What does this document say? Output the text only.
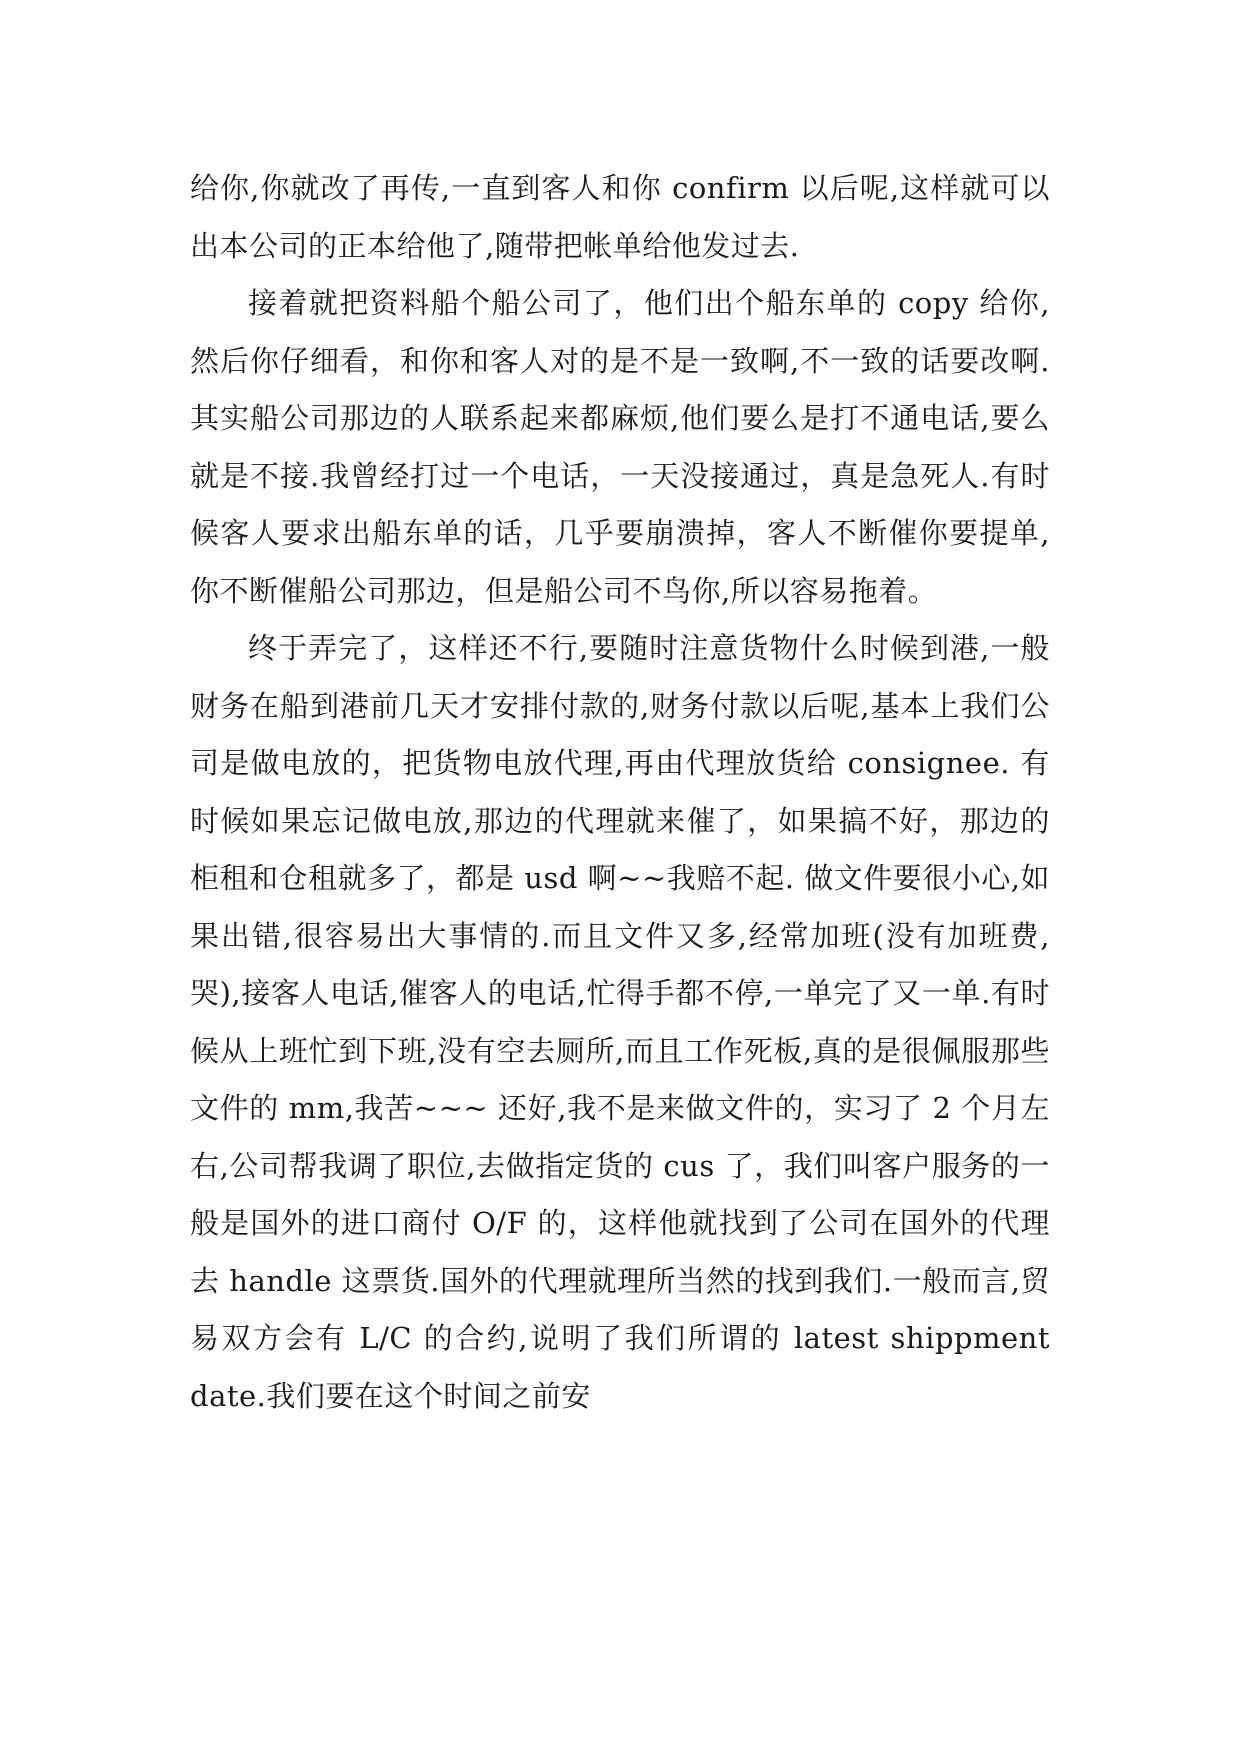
给你,你就改了再传,一直到客人和你 confirm 以后呢,这样就可以出本公司的正本给他了,随带把帐单给他发过去.

接着就把资料船个船公司了，他们出个船东单的 copy 给你,然后你仔细看，和你和客人对的是不是一致啊,不一致的话要改啊.其实船公司那边的人联系起来都麻烦,他们要么是打不通电话,要么就是不接.我曾经打过一个电话，一天没接通过，真是急死人.有时候客人要求出船东单的话，几乎要崩溃掉，客人不断催你要提单,你不断催船公司那边，但是船公司不鸟你,所以容易拖着。

终于弄完了，这样还不行,要随时注意货物什么时候到港,一般财务在船到港前几天才安排付款的,财务付款以后呢,基本上我们公司是做电放的，把货物电放代理,再由代理放货给 consignee. 有时候如果忘记做电放,那边的代理就来催了，如果搞不好，那边的柜租和仓租就多了，都是 usd 啊~~我赔不起. 做文件要很小心,如果出错,很容易出大事情的.而且文件又多,经常加班(没有加班费,哭),接客人电话,催客人的电话,忙得手都不停,一单完了又一单.有时候从上班忙到下班,没有空去厕所,而且工作死板,真的是很佩服那些文件的 mm,我苦~~~ 还好,我不是来做文件的，实习了 2 个月左右,公司帮我调了职位,去做指定货的 cus 了，我们叫客户服务的一般是国外的进口商付 O/F 的，这样他就找到了公司在国外的代理去 handle 这票货.国外的代理就理所当然的找到我们.一般而言,贸易双方会有 L/C 的合约,说明了我们所谓的 latest shippment date.我们要在这个时间之前安
